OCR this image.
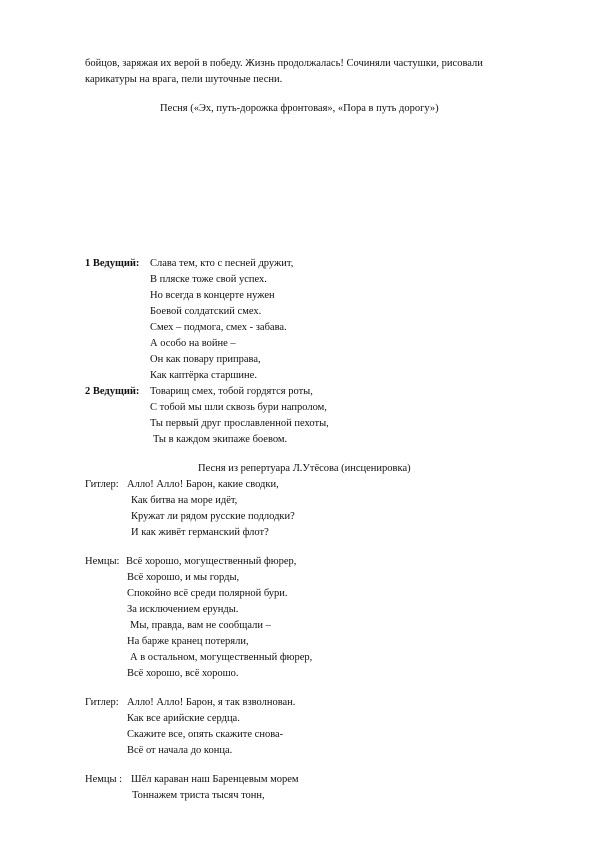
бойцов, заряжая их верой в победу. Жизнь продолжалась! Сочиняли частушки, рисовали
карикатуры на врага, пели шуточные песни.
Песня («Эх, путь-дорожка фронтовая», «Пора в путь дорогу»)
1 Ведущий: Слава тем, кто с песней дружит,
В пляске тоже свой успех.
Но всегда в концерте нужен
Боевой солдатский смех.
Смех – подмога, смех - забава.
А особо на войне –
Он как повару приправа,
Как каптёрка старшине.
2 Ведущий: Товарищ смех, тобой гордятся роты,
С тобой мы шли сквозь бури напролом,
Ты первый друг прославленной пехоты,
Ты в каждом экипаже боевом.
Песня из репертуара Л.Утёсова (инсценировка)
Гитлер: Алло! Алло! Барон, какие сводки,
Как битва на море идёт,
Кружат ли рядом русские подлодки?
И как живёт германский флот?
Немцы: Всё хорошо, могущественный фюрер,
Всё хорошо, и мы горды,
Спокойно всё среди полярной бури.
За исключением ерунды.
Мы, правда, вам не сообщали –
На барже кранец потеряли,
А в остальном, могущественный фюрер,
Всё хорошо, всё хорошо.
Гитлер: Алло! Алло! Барон, я так взволнован.
Как все арийские сердца.
Скажите все, опять скажите снова-
Всё от начала до конца.
Немцы : Шёл караван наш Баренцевым морем
Тоннажем триста тысяч тонн,
